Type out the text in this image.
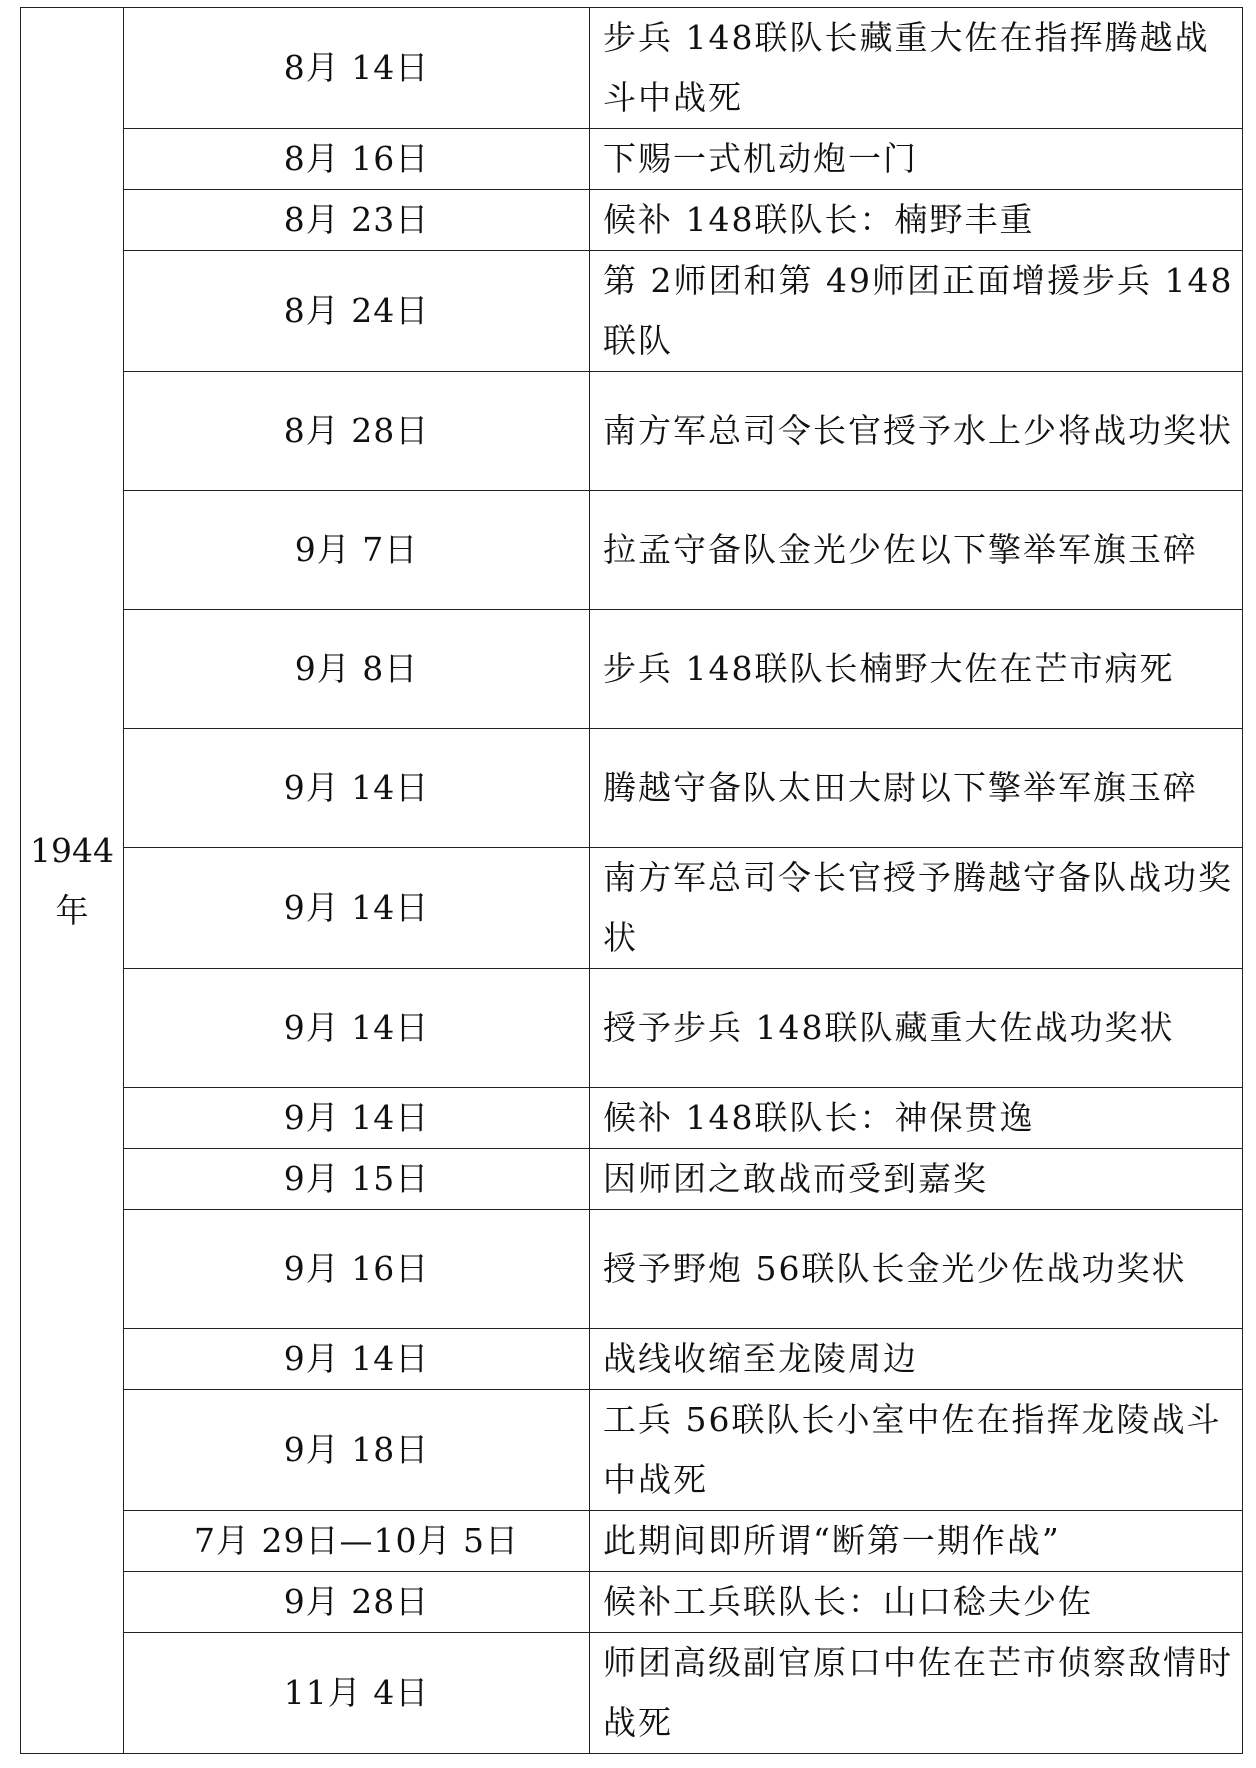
1944
年	8月 14日	步兵 148联队长藏重大佐在指挥腾越战斗中战死
	8月 16日	下赐一式机动炮一门
	8月 23日	候补 148联队长：楠野丰重
	8月 24日	第 2师团和第 49师团正面增援步兵 148联队
	8月 28日	南方军总司令长官授予水上少将战功奖状
	9月 7日	拉孟守备队金光少佐以下擎举军旗玉碎
	9月 8日	步兵 148联队长楠野大佐在芒市病死
	9月 14日	腾越守备队太田大尉以下擎举军旗玉碎
	9月 14日	南方军总司令长官授予腾越守备队战功奖状
	9月 14日	授予步兵 148联队藏重大佐战功奖状
	9月 14日	候补 148联队长：神保贯逸
	9月 15日	因师团之敢战而受到嘉奖
	9月 16日	授予野炮 56联队长金光少佐战功奖状
	9月 14日	战线收缩至龙陵周边
	9月 18日	工兵 56联队长小室中佐在指挥龙陵战斗中战死
	7月 29日—10月 5日	此期间即所谓“断第一期作战”
	9月 28日	候补工兵联队长：山口稔夫少佐
	11月 4日	师团高级副官原口中佐在芒市侦察敌情时战死
